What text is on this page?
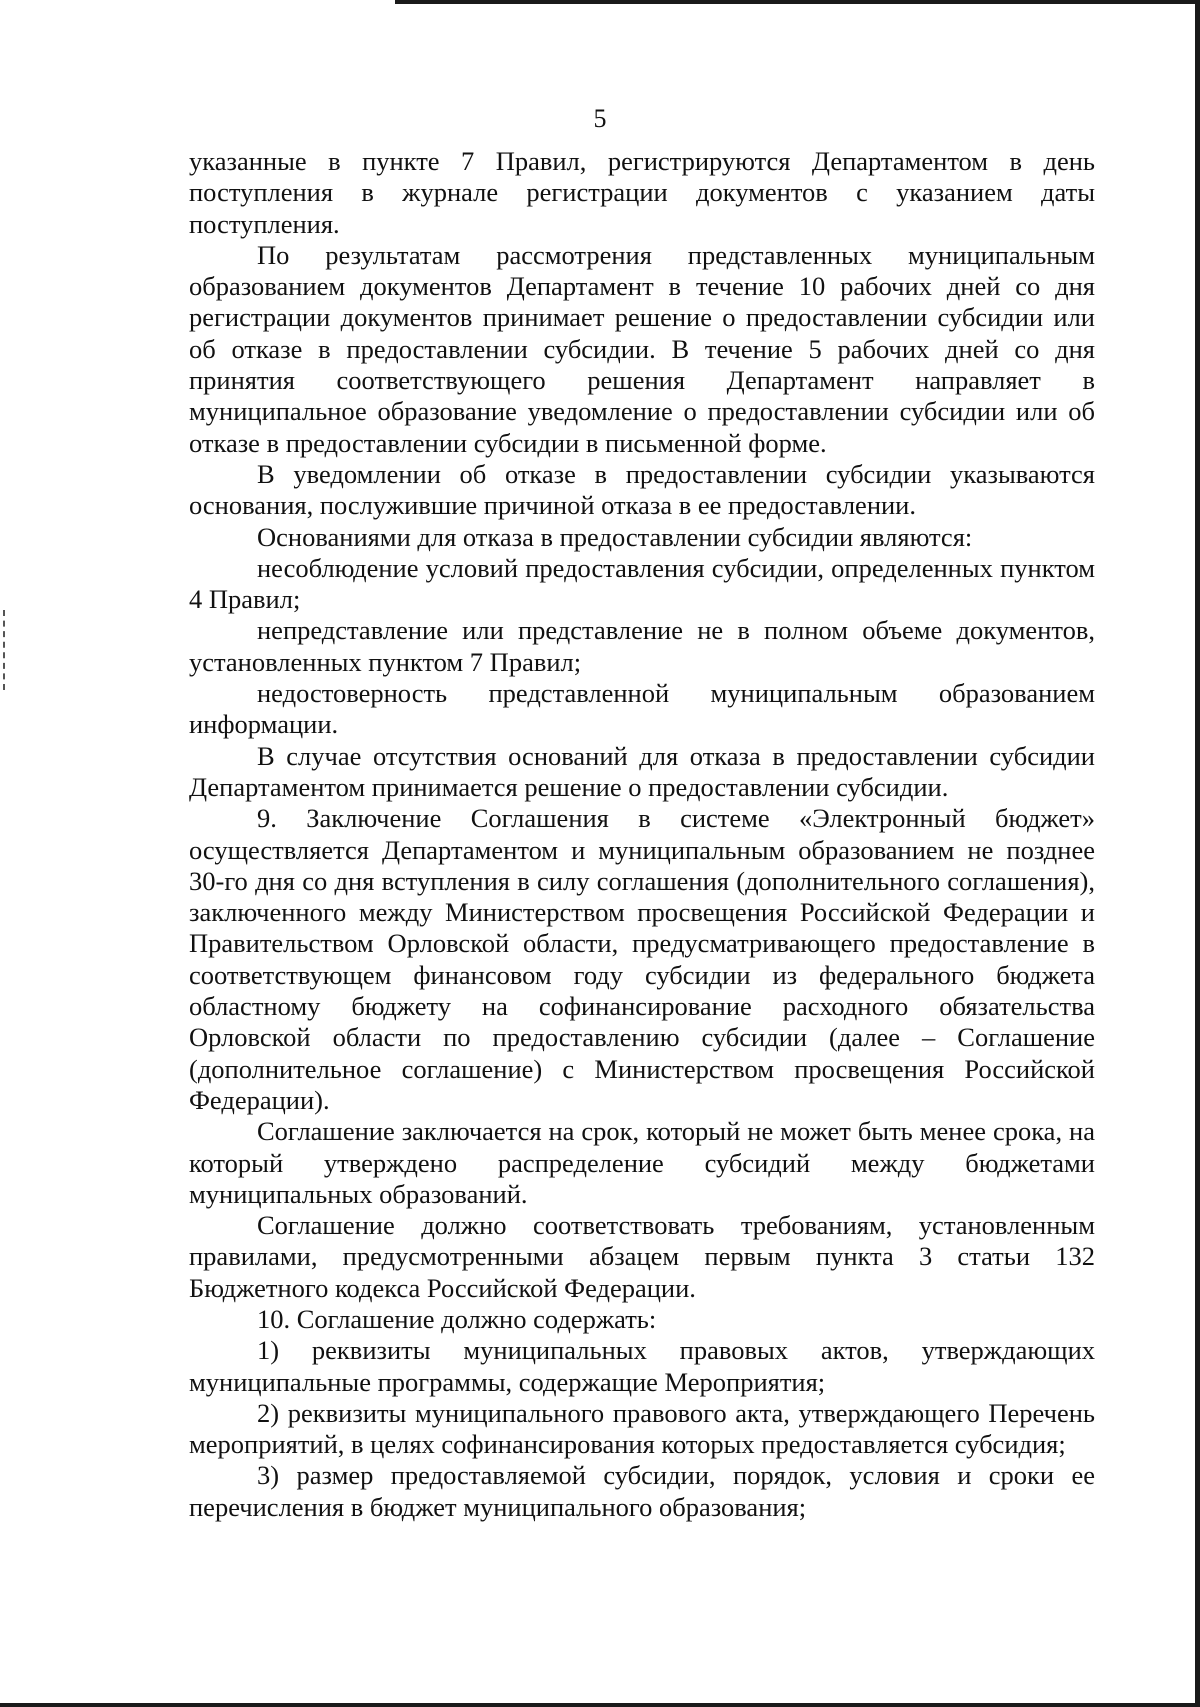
5

указанные в пункте 7 Правил, регистрируются Департаментом в день поступления в журнале регистрации документов с указанием даты поступления.

По результатам рассмотрения представленных муниципальным образованием документов Департамент в течение 10 рабочих дней со дня регистрации документов принимает решение о предоставлении субсидии или об отказе в предоставлении субсидии. В течение 5 рабочих дней со дня принятия соответствующего решения Департамент направляет в муниципальное образование уведомление о предоставлении субсидии или об отказе в предоставлении субсидии в письменной форме.

В уведомлении об отказе в предоставлении субсидии указываются основания, послужившие причиной отказа в ее предоставлении.

Основаниями для отказа в предоставлении субсидии являются:

несоблюдение условий предоставления субсидии, определенных пунктом 4 Правил;

непредставление или представление не в полном объеме документов, установленных пунктом 7 Правил;

недостоверность представленной муниципальным образованием информации.

В случае отсутствия оснований для отказа в предоставлении субсидии Департаментом принимается решение о предоставлении субсидии.

9. Заключение Соглашения в системе «Электронный бюджет» осуществляется Департаментом и муниципальным образованием не позднее 30-го дня со дня вступления в силу соглашения (дополнительного соглашения), заключенного между Министерством просвещения Российской Федерации и Правительством Орловской области, предусматривающего предоставление в соответствующем финансовом году субсидии из федерального бюджета областному бюджету на софинансирование расходного обязательства Орловской области по предоставлению субсидии (далее – Соглашение (дополнительное соглашение) с Министерством просвещения Российской Федерации).

Соглашение заключается на срок, который не может быть менее срока, на который утверждено распределение субсидий между бюджетами муниципальных образований.

Соглашение должно соответствовать требованиям, установленным правилами, предусмотренными абзацем первым пункта 3 статьи 132 Бюджетного кодекса Российской Федерации.

10. Соглашение должно содержать:

1) реквизиты муниципальных правовых актов, утверждающих муниципальные программы, содержащие Мероприятия;

2) реквизиты муниципального правового акта, утверждающего Перечень мероприятий, в целях софинансирования которых предоставляется субсидия;

3) размер предоставляемой субсидии, порядок, условия и сроки ее перечисления в бюджет муниципального образования;
